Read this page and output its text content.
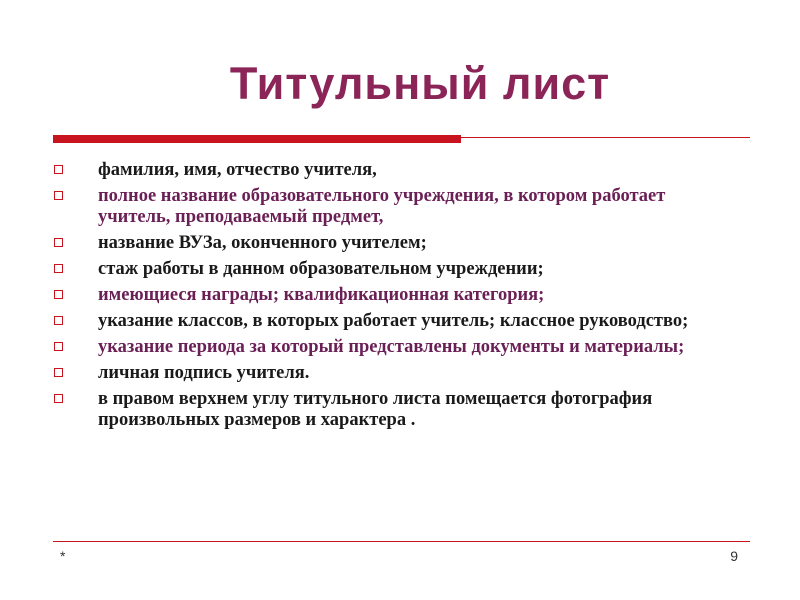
Титульный лист
фамилия, имя, отчество учителя,
полное название образовательного учреждения, в котором работает учитель, преподаваемый предмет,
название ВУЗа, оконченного учителем;
стаж работы в данном образовательном учреждении;
имеющиеся награды; квалификационная категория;
указание классов, в которых работает учитель; классное руководство;
указание периода за который представлены документы и материалы;
личная подпись учителя.
в правом верхнем углу титульного листа помещается фотография произвольных размеров и характера .
*	9
